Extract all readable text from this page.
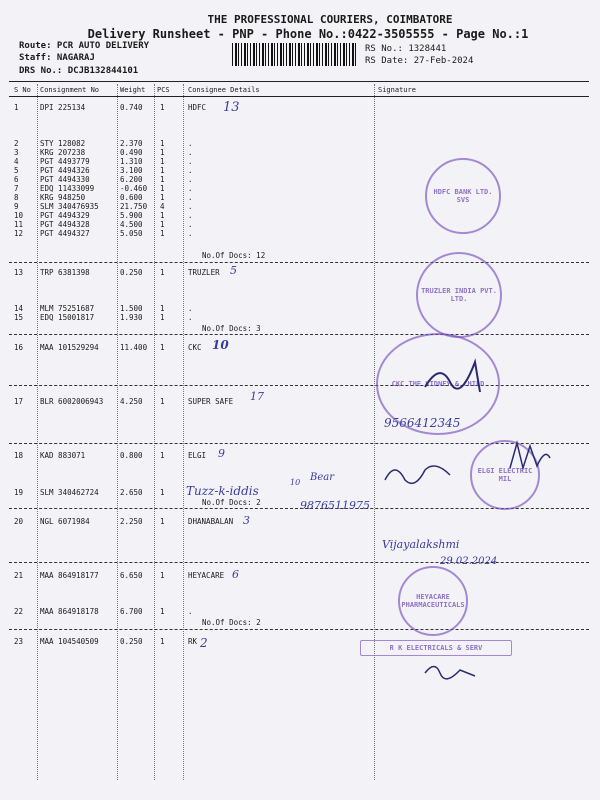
THE PROFESSIONAL COURIERS, COIMBATORE
Delivery Runsheet - PNP - Phone No.:0422-3505555 - Page No.:1
Route: PCR AUTO DELIVERY
Staff: NAGARAJ
DRS No.: DCJB132844101
RS No.: 1328441
RS Date: 27-Feb-2024
S No Consignment No	Weight PCS	Consignee Details	Signature
1	DPI 225134	0.740 1	HDFC
2	STY 128082	2.370 1	.
3	KRG 207238	0.490 1	.
4	PGT 4493779	1.310 1	.
5	PGT 4494326	3.100 1	.
6	PGT 4494330	6.200 1	.
7	EDQ 11433099	-0.460 1	.
8	KRG 948250	0.600 1	.
9	SLM 340476935	21.750 4	.
10 PGT 4494329	5.900 1	.
11 PGT 4494328	4.500 1	.
12 PGT 4494327	5.050 1	.
13 TRP 6381398	0.250 1	TRUZLER
14 MLM 75251687	1.500 1	.
15 EDQ 15001817	1.930 1	.
16 MAA 101529294	11.400 1	CKC
17 BLR 6002006943 4.250 1	SUPER SAFE
18 KAD 883071	0.800 1	ELGI
19 SLM 340462724	2.650 1
20 NGL 6071984	2.250 1	DHANABALAN
21 MAA 864918177	6.650 1	HEYACARE
22 MAA 864918178	6.700 1	.
23 MAA 104540509	0.250 1	RK
No.Of Docs: 12
No.Of Docs: 3
No.Of Docs: 2
No.Of Docs: 2
13
5
10
17
9
Tuzz-k-iddis
10 Bear
9876511975
3
6
2
9566412345
Vijayalakshmi
29.02.2024
HDFC BANK LTD. SVS
TRUZLER INDIA PVT. LTD.
CKC THE KIDNEY & CHILD
ELGI ELECTRIC MIL
HEYACARE PHARMACEUTICALS
R K ELECTRICALS & SERV
